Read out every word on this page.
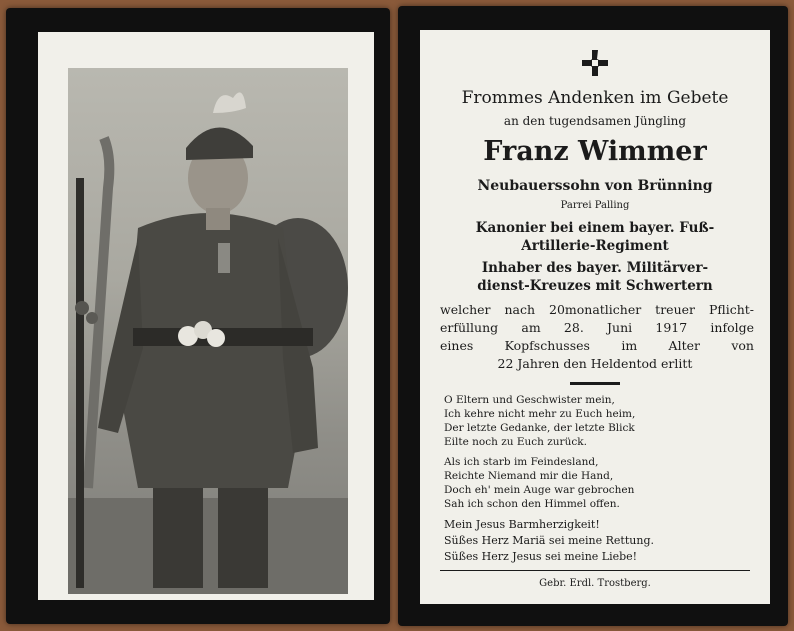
Frommes Andenken im Gebete
an den tugendsamen Jüngling
Franz Wimmer
Neubauerssohn von Brünning
Parrei Palling
Kanonier bei einem bayer. Fuß-
Artillerie-Regiment
Inhaber des bayer. Militärver-
dienst-Kreuzes mit Schwertern
welcher nach 20monatlicher treuer Pflicht-
erfüllung am 28. Juni 1917 infolge
eines Kopfschusses im Alter von
22 Jahren den Heldentod erlitt
O Eltern und Geschwister mein,
Ich kehre nicht mehr zu Euch heim,
Der letzte Gedanke, der letzte Blick
Eilte noch zu Euch zurück.
Als ich starb im Feindesland,
Reichte Niemand mir die Hand,
Doch eh' mein Auge war gebrochen
Sah ich schon den Himmel offen.
Mein Jesus Barmherzigkeit!
Süßes Herz Mariä sei meine Rettung.
Süßes Herz Jesus sei meine Liebe!
Gebr. Erdl. Trostberg.
